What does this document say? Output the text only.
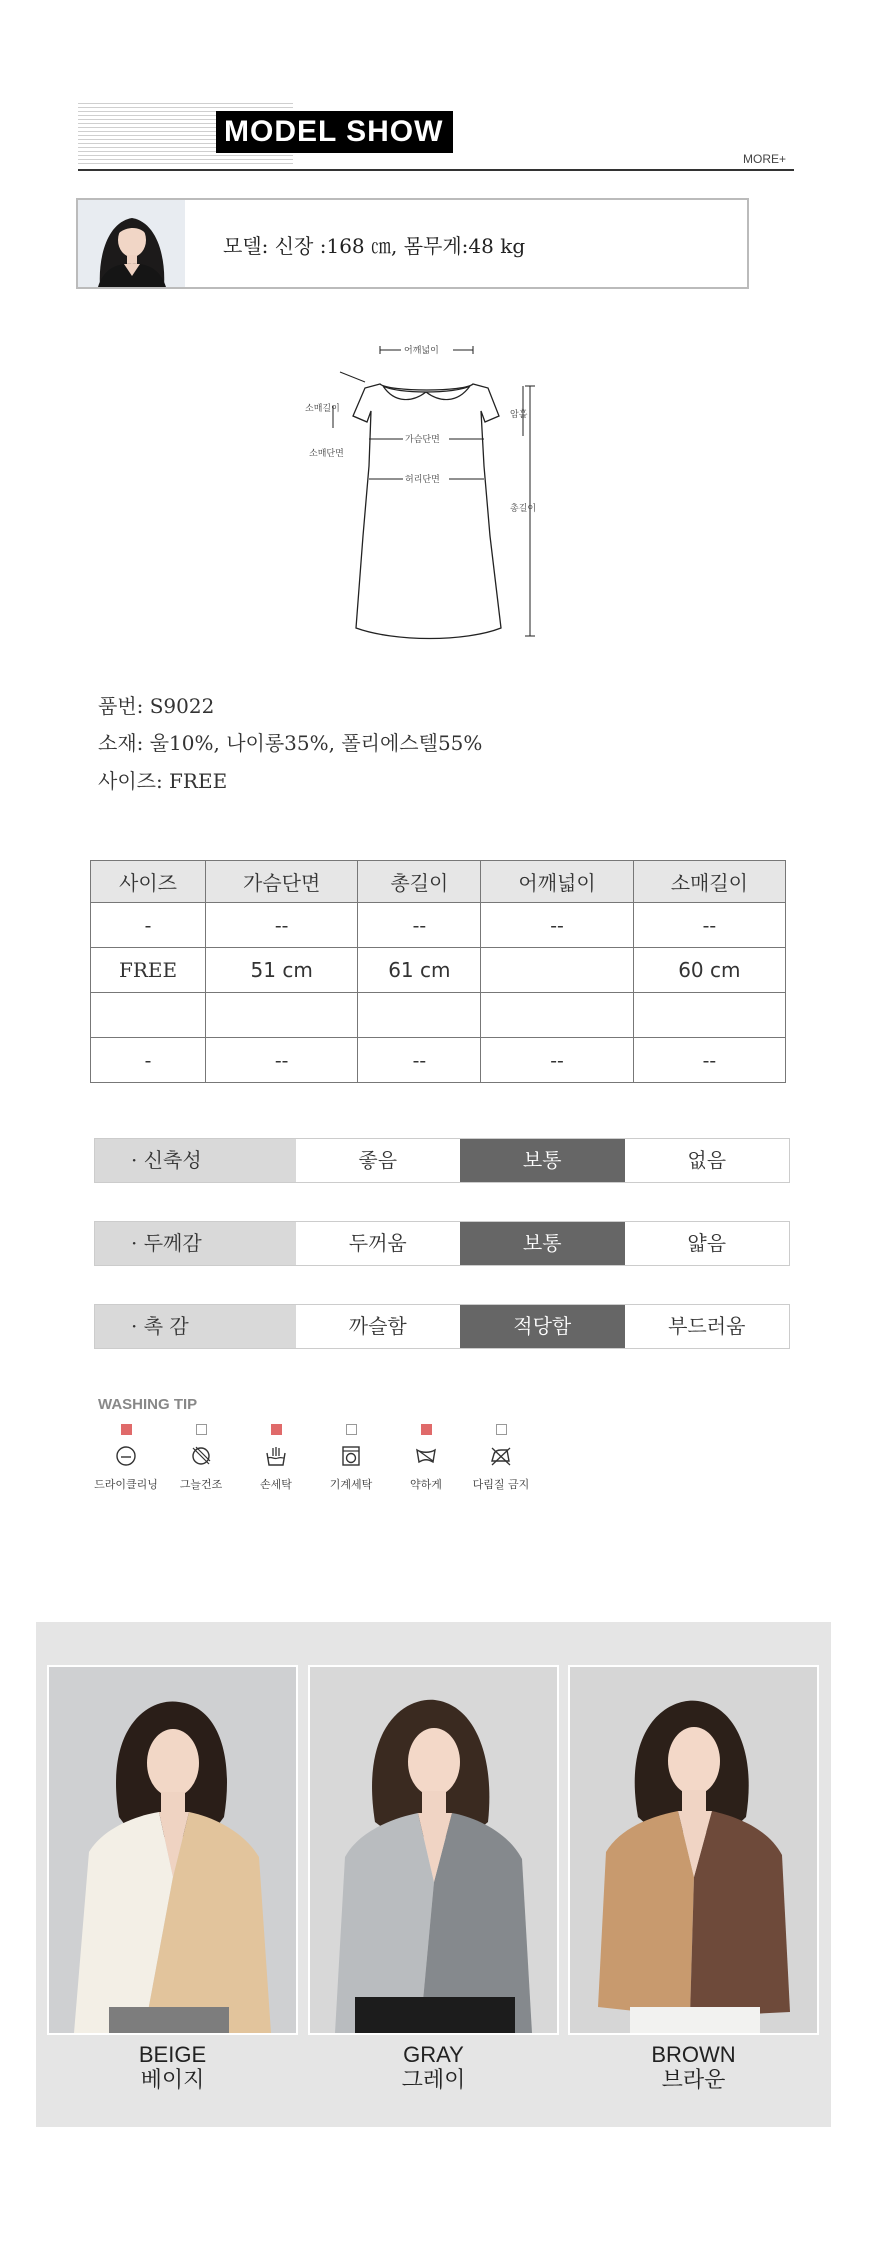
MODEL SHOW
MORE+
모델: 신장 :168 ㎝, 몸무게:48 kg
어깨넓이
소매길이
암홀
가슴단면
소매단면
허리단면
총길이
품번: S9022
소재: 울10%, 나이롱35%, 폴리에스텔55%
사이즈: FREE
사이즈	가슴단면	총길이	어깨넓이	소매길이
-	--	--	--	--
FREE	51 cm	61 cm		60 cm

-	--	--	--	--
· 신축성	좋음	보통	없음
· 두께감	두꺼움	보통	얇음
· 촉 감	까슬함	적당함	부드러움
WASHING TIP
드라이클리닝	그늘건조	손세탁	기계세탁	약하게	다림질 금지
BEIGE
베이지
GRAY
그레이
BROWN
브라운
